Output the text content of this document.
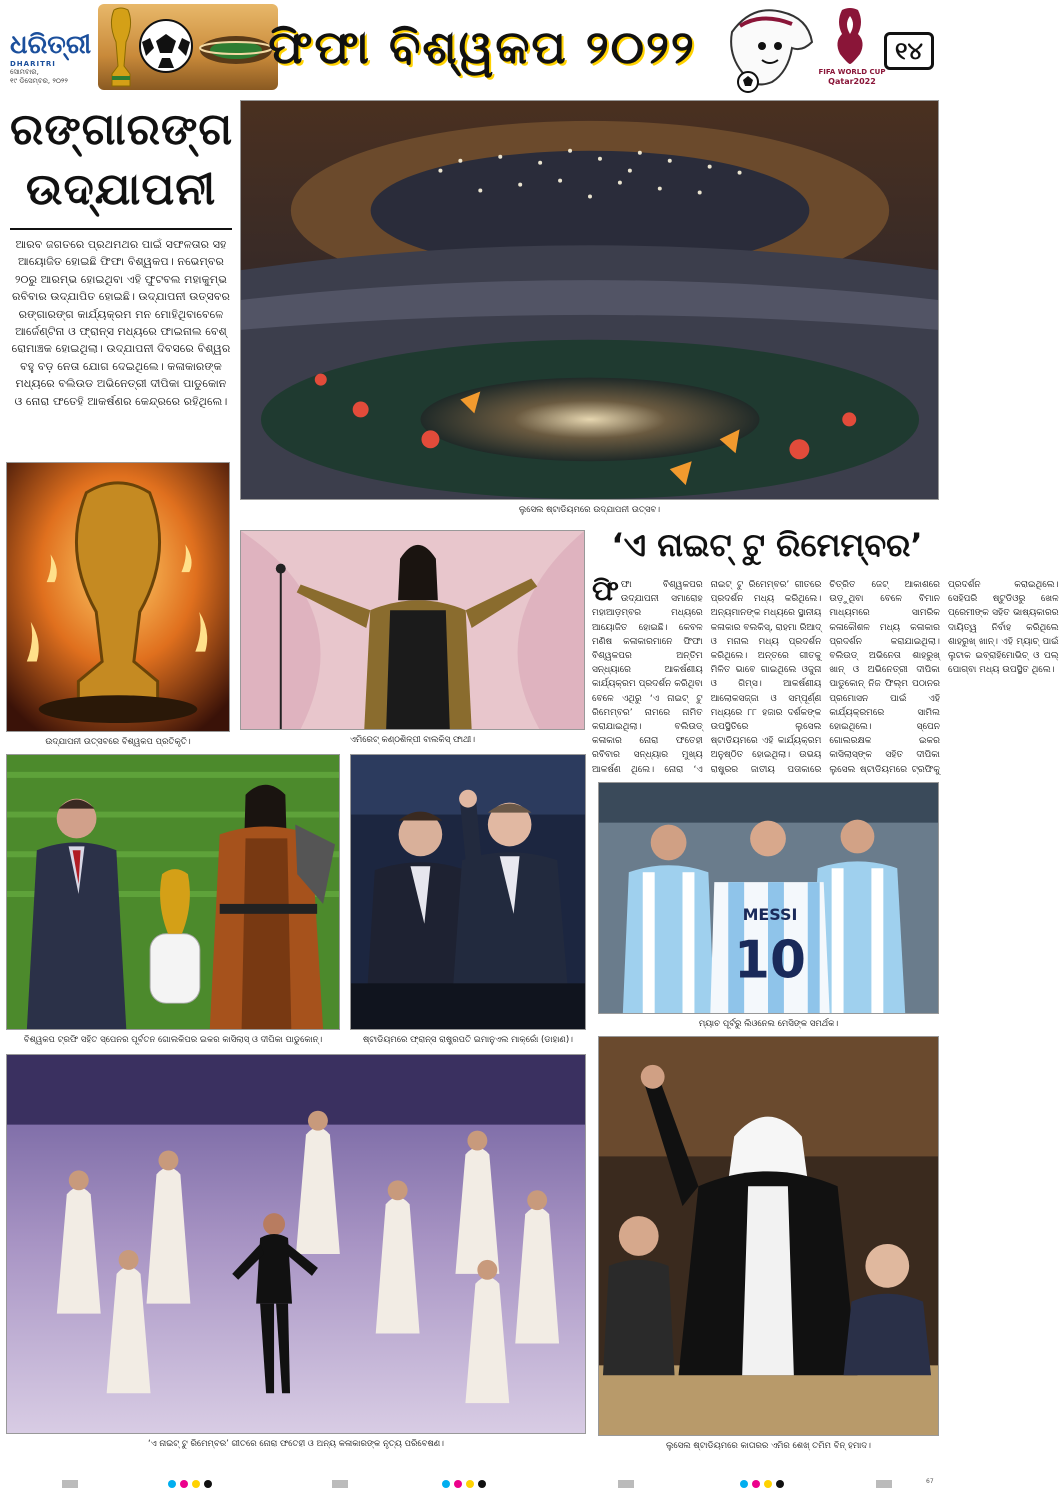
ଧରିତ୍ରୀ
DHARITRI
ସୋମବାର,
୧୯ ଡିସେମ୍ବର, ୨୦୨୨
ଫିଫା ବିଶ୍ୱକପ ୨୦୨୨	FIFA WORLD CUP
Qatar2022
୧୪
ରଙ୍ଗାରଙ୍ଗ
ଉଦ୍‌ଯାପନୀ

ଆରବ ଜଗତରେ ପ୍ରଥମଥର ପାଇଁ ସଫଳତାର ସହ ଆୟୋଜିତ ହୋଇଛି ଫିଫା ବିଶ୍ୱକପ। ନଭେମ୍ବର ୨୦ରୁ ଆରମ୍ଭ ହୋଇଥିବା ଏହି ଫୁଟବଲ ମହାକୁମ୍ଭ ରବିବାର ଉଦ୍‌ଯାପିତ ହୋଇଛି। ଉଦ୍‌ଯାପନୀ ଉତ୍ସବର ରଙ୍ଗାରଙ୍ଗ କାର୍ଯ୍ୟକ୍ରମ ମନ ମୋହିଥିବାବେଳେ ଆର୍ଜେଣ୍ଟିନା ଓ ଫ୍ରାନ୍ସ ମଧ୍ୟରେ ଫାଇନାଲ ବେଶ୍ ରୋମାଞ୍ଚକ ହୋଇଥିଲା। ଉଦ୍‌ଯାପନୀ ଦିବସରେ ବିଶ୍ୱର ବହୁ ବଡ଼ ନେତା ଯୋଗ ଦେଇଥିଲେ। କଳାକାରଙ୍କ ମଧ୍ୟରେ ବଲିଉଡ ଅଭିନେତ୍ରୀ ଦୀପିକା ପାଡୁକୋନ ଓ ନୋରା ଫତେହି ଆକର୍ଷଣର କେନ୍ଦ୍ରରେ ରହିଥିଲେ।

ଲୁସେଲ ଷ୍ଟାଡିୟମରେ ଉଦ୍‌ଯାପନୀ ଉତ୍ସବ।
ଉଦ୍‌ଯାପନୀ ଉତ୍ସବରେ ବିଶ୍ୱକପ ପ୍ରତିକୃତି।	ଏମିରେଟ୍ କଣ୍ଠଶିଳ୍ପୀ ବାଲକିସ୍ ଫାଥୀ।
‘ଏ ନାଇଟ୍ ଟୁ ରିମେମ୍ବର’
ଫିଫା ବିଶ୍ୱକପର ଉଦ୍‌ଯାପନୀ ସମାରୋହ ମହାଆଡ଼ମ୍ବର ମଧ୍ୟରେ ଆୟୋଜିତ ହୋଇଛି। କେବଳ ମଣିଷ କଳାକାରମାନେ ଫିଫା ବିଶ୍ୱକପର ଅନ୍ତିମ ସନ୍ଧ୍ୟାରେ ଆକର୍ଷଣୀୟ କାର୍ଯ୍ୟକ୍ରମ ପ୍ରଦର୍ଶନ କରିଥିବା ବେଳେ ଏଥିରୁ ‘ଏ ନାଇଟ୍ ଟୁ ରିମେମ୍ବର’ ନାମରେ ନାମିତ କରାଯାଇଥିଲା। ବଲିଉଡ୍ କଳାକାର ନୋରା ଫତେହୀ ରବିବାର ସନ୍ଧ୍ୟାର ମୁଖ୍ୟ ଆକର୍ଷଣ ଥିଲେ। ନୋରା ‘ଏ ନାଇଟ୍ ଟୁ ରିମେମ୍ବର’ ଗୀତରେ ପ୍ରଦର୍ଶନ ମଧ୍ୟ କରିଥିଲେ। ଅନ୍ୟମାନଙ୍କ ମଧ୍ୟରେ ସ୍ଥାନୀୟ କଳାକାର ବଲକିସ୍, ରାହମା ରିଆଦ୍ ଓ ମନାଲ ମଧ୍ୟ ପ୍ରଦର୍ଶନ କରିଥିଲେ। ଅନ୍ତରେ ଗୀତକୁ ମିଳିତ ଭାବେ ଗାଇଥିଲେ ଓଜୁନା ଓ ଗିମ୍ସ। ଆକର୍ଷଣୀୟ ଆଲୋକସଜ୍ଜା ଓ ସମ୍ପୂର୍ଣ୍ଣ ମଧ୍ୟରେ ୮୮ ହଜାର ଦର୍ଶକଙ୍କ ଉପସ୍ଥିତିରେ ଲୁସେଲ ଷ୍ଟାଡିୟମରେ ଏହି କାର୍ଯ୍ୟକ୍ରମ ଅନୁଷ୍ଠିତ ହୋଇଥିଲା। ଉଭୟ ରାଷ୍ଟ୍ରର ଜାତୀୟ ପତାକାରେ ଚିତ୍ରିତ ଜେଟ୍ ଆକାଶରେ ଉଡ଼ୁଥିବା ବେଳେ ବିମାନ ମାଧ୍ୟମରେ ସାମରିକ କଳାକୌଶଳ ମଧ୍ୟ କଳାକାର ପ୍ରଦର୍ଶନ କରାଯାଇଥିଲା। ବଲିଉଡ୍ ଅଭିନେତା ଶାହରୁଖ୍ ଖାନ୍ ଓ ଅଭିନେତ୍ରୀ ଦୀପିକା ପାଡୁକୋନ୍ ନିଜ ଫିଲ୍ମ ପଠାନର ପ୍ରମୋସନ ପାଇଁ ଏହି କାର୍ଯ୍ୟକ୍ରମରେ ସାମିଲ ହୋଇଥିଲେ। ସ୍ପେନ ଗୋଲରକ୍ଷକ ଇକର କାସିଲାସ୍ଙ୍କ ସହିତ ଦୀପିକା ଲୁସେଲ ଷ୍ଟାଡିୟମରେ ଟ୍ରଫିକୁ ପ୍ରଦର୍ଶନ କରାଇଥିଲେ। ସେହିପରି ଷ୍ଟୁଡିଓରୁ ଖେଳ ପ୍ରେମୀଙ୍କ ସହିତ ଭାଷ୍ୟକାରର ଦାୟିତ୍ୱ ନିର୍ବାହ କରିଥିଲେ ଶାହରୁଖ୍ ଖାନ୍। ଏହି ମ୍ୟାଚ୍ ପାଇଁ ଲୁଟାକ ଇବ୍ରାହିମୋଭିଚ୍ ଓ ପଲ୍ ପୋଗ୍ବା ମଧ୍ୟ ଉପସ୍ଥିତ ଥିଲେ।
ବିଶ୍ୱକପ ଟ୍ରଫି ସହିତ ସ୍ପେନର ପୂର୍ବତନ ଗୋଲକିପର ଇକର କାସିଲାସ୍ ଓ ଦୀପିକା ପାଡୁକୋନ୍।	ଷ୍ଟାଡିୟମରେ ଫ୍ରାନ୍ସ ରାଷ୍ଟ୍ରପତି ଇମାନୁଏଲ ମାକ୍ରୋଁ (ଡାହାଣ)।
MESSI
10
ମ୍ୟାଚ ପୂର୍ବରୁ ଲିଓନେଲ ମେସିଙ୍କ ସମର୍ଥକ।
‘ଏ ନାଇଟ୍ ଟୁ ରିମେମ୍ବର’ ଗୀତରେ ନୋରା ଫତେହୀ ଓ ଅନ୍ୟ କଳାକାରଙ୍କ ନୃତ୍ୟ ପରିବେଷଣ।	ଲୁସେଲ ଷ୍ଟାଡିୟମରେ କାତାରର ଏମିର ଶେଖ୍ ତମିମ ବିନ୍ ହମାଦ।
67
